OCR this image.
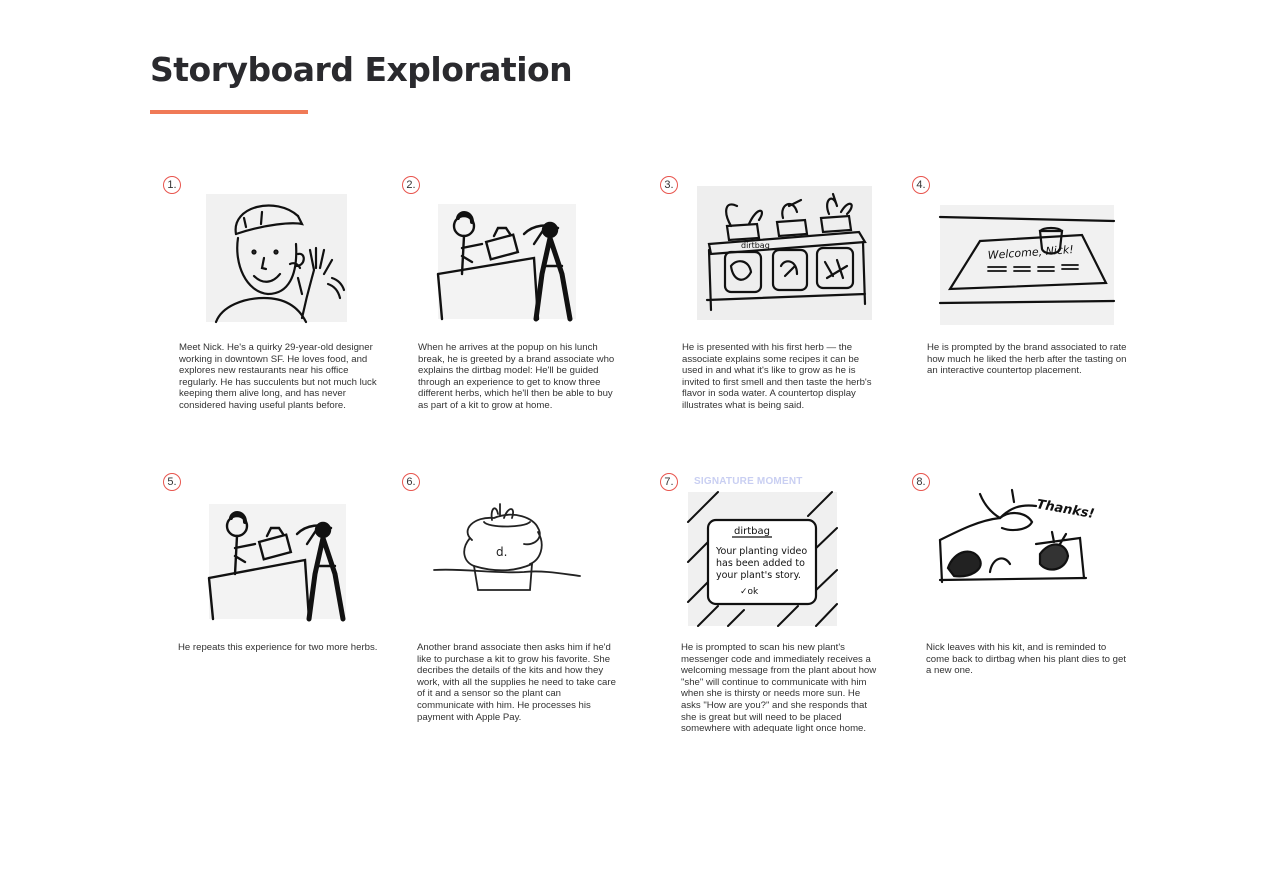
Storyboard Exploration
1.

Meet Nick. He's a quirky 29-year-old designer working in downtown SF. He loves food, and explores new restaurants near his office regularly. He has succulents but not much luck keeping them alive long, and has never considered having useful plants before.

2.

When he arrives at the popup on his lunch break, he is greeted by a brand associate who explains the dirtbag model: He'll be guided through an experience to get to know three different herbs, which he'll then be able to buy as part of a kit to grow at home.

3.
dirtbag

He is presented with his first herb — the associate explains some recipes it can be used in and what it's like to grow as he is invited to first smell and then taste the herb's flavor in soda water. A countertop display illustrates what is being said.

4.
Welcome, Nick!

He is prompted by the brand associated to rate how much he liked the herb after the tasting on an interactive countertop placement.

5.

He repeats this experience for two more herbs.

6.
d.

Another brand associate then asks him if he'd like to purchase a kit to grow his favorite. She decribes the details of the kits and how they work, with all the supplies he need to take care of it and a sensor so the plant can communicate with him. He processes his payment with Apple Pay.

7.	SIGNATURE MOMENT
dirtbag
Your planting video
has been added to
your plant's story.
✓ok

He is prompted to scan his new plant's messenger code and immediately receives a welcoming message from the plant about how "she" will continue to communicate with him when she is thirsty or needs more sun. He asks "How are you?" and she responds that she is great but will need to be placed somewhere with adequate light once home.

8.
Thanks!

Nick leaves with his kit, and is reminded to come back to dirtbag when his plant dies to get a new one.
